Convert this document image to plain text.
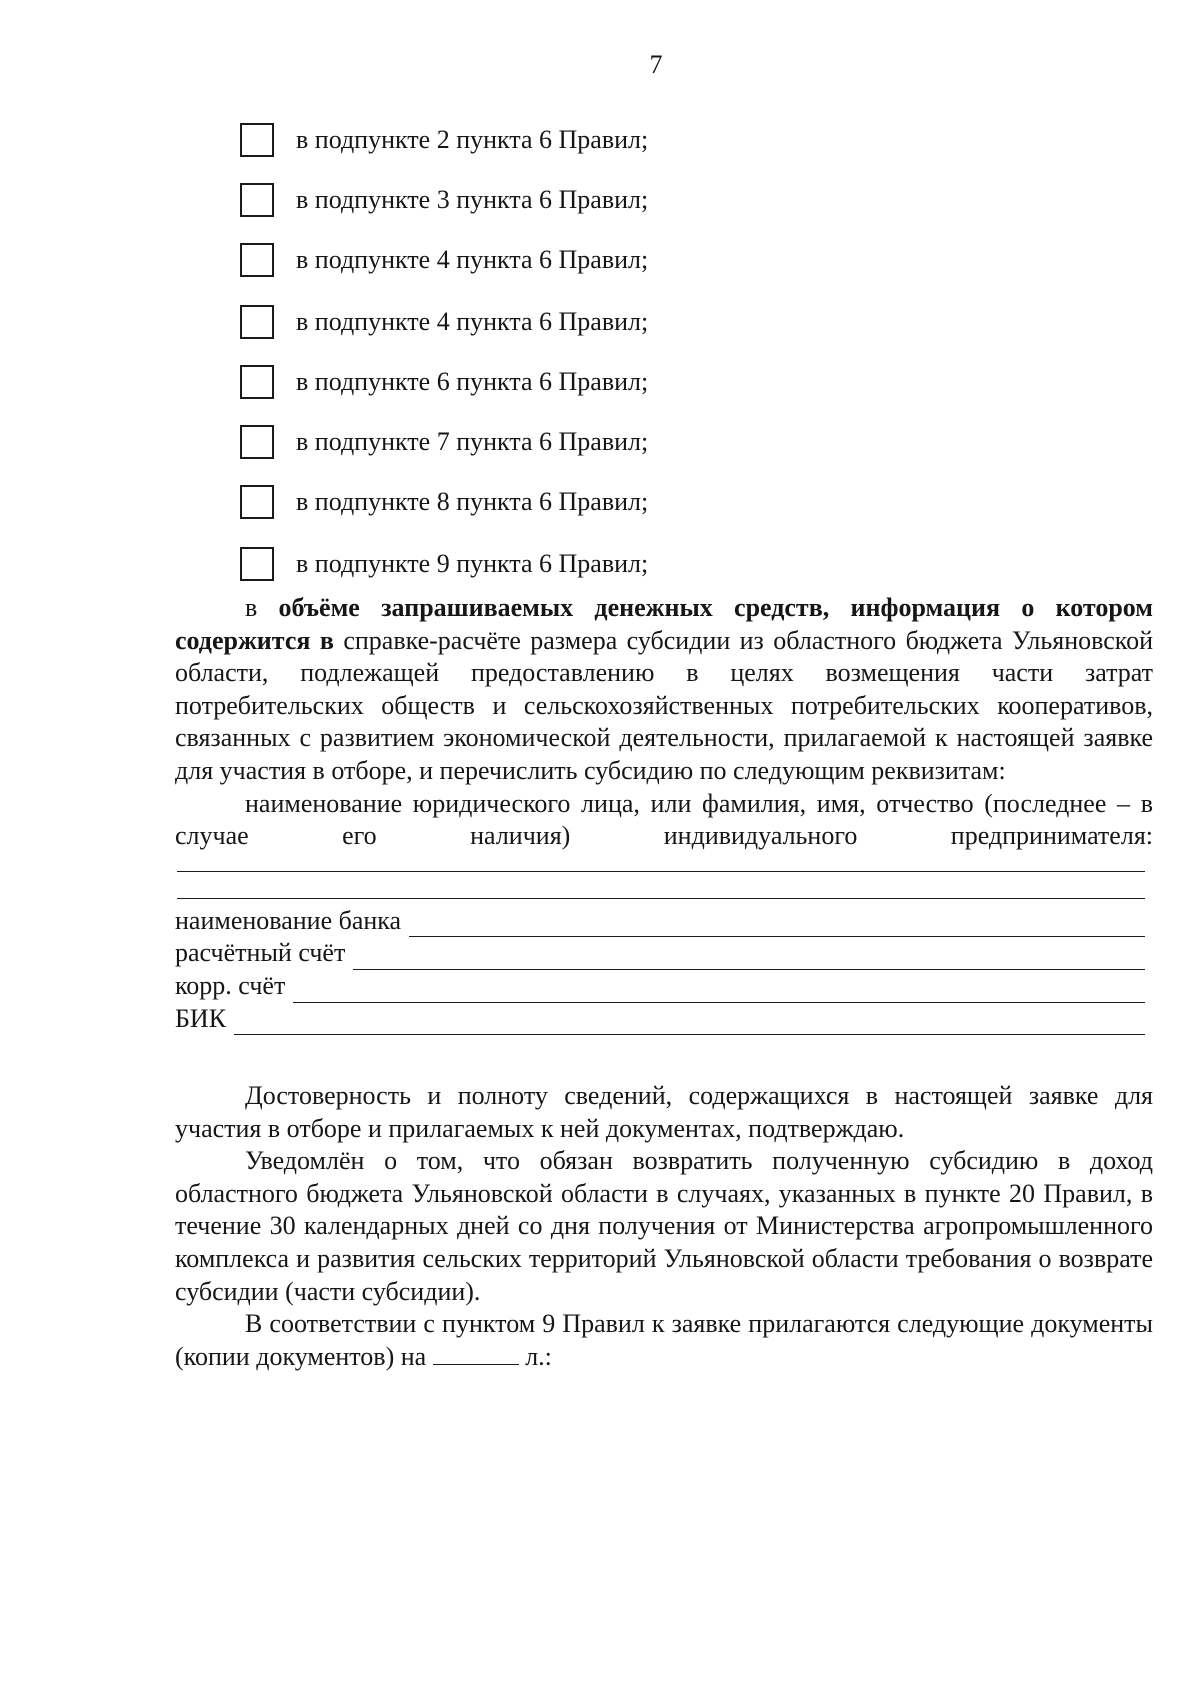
7
в подпункте 2 пункта 6 Правил;
в подпункте 3 пункта 6 Правил;
в подпункте 4 пункта 6 Правил;
в подпункте 4 пункта 6 Правил;
в подпункте 6 пункта 6 Правил;
в подпункте 7 пункта 6 Правил;
в подпункте 8 пункта 6 Правил;
в подпункте 9 пункта 6 Правил;

в объёме запрашиваемых денежных средств, информация о котором содержится в справке-расчёте размера субсидии из областного бюджета Ульяновской области, подлежащей предоставлению в целях возмещения части затрат потребительских обществ и сельскохозяйственных потребительских кооперативов, связанных с развитием экономической деятельности, прилагаемой к настоящей заявке для участия в отборе, и перечислить субсидию по следующим реквизитам:

наименование юридического лица, или фамилия, имя, отчество (последнее – в случае его наличия) индивидуального предпринимателя:

наименование банка
расчётный счёт
корр. счёт
БИК

Достоверность и полноту сведений, содержащихся в настоящей заявке для участия в отборе и прилагаемых к ней документах, подтверждаю.

Уведомлён о том, что обязан возвратить полученную субсидию в доход областного бюджета Ульяновской области в случаях, указанных в пункте 20 Правил, в течение 30 календарных дней со дня получения от Министерства агропромышленного комплекса и развития сельских территорий Ульяновской области требования о возврате субсидии (части субсидии).

В соответствии с пунктом 9 Правил к заявке прилагаются следующие документы (копии документов) на	л.:
